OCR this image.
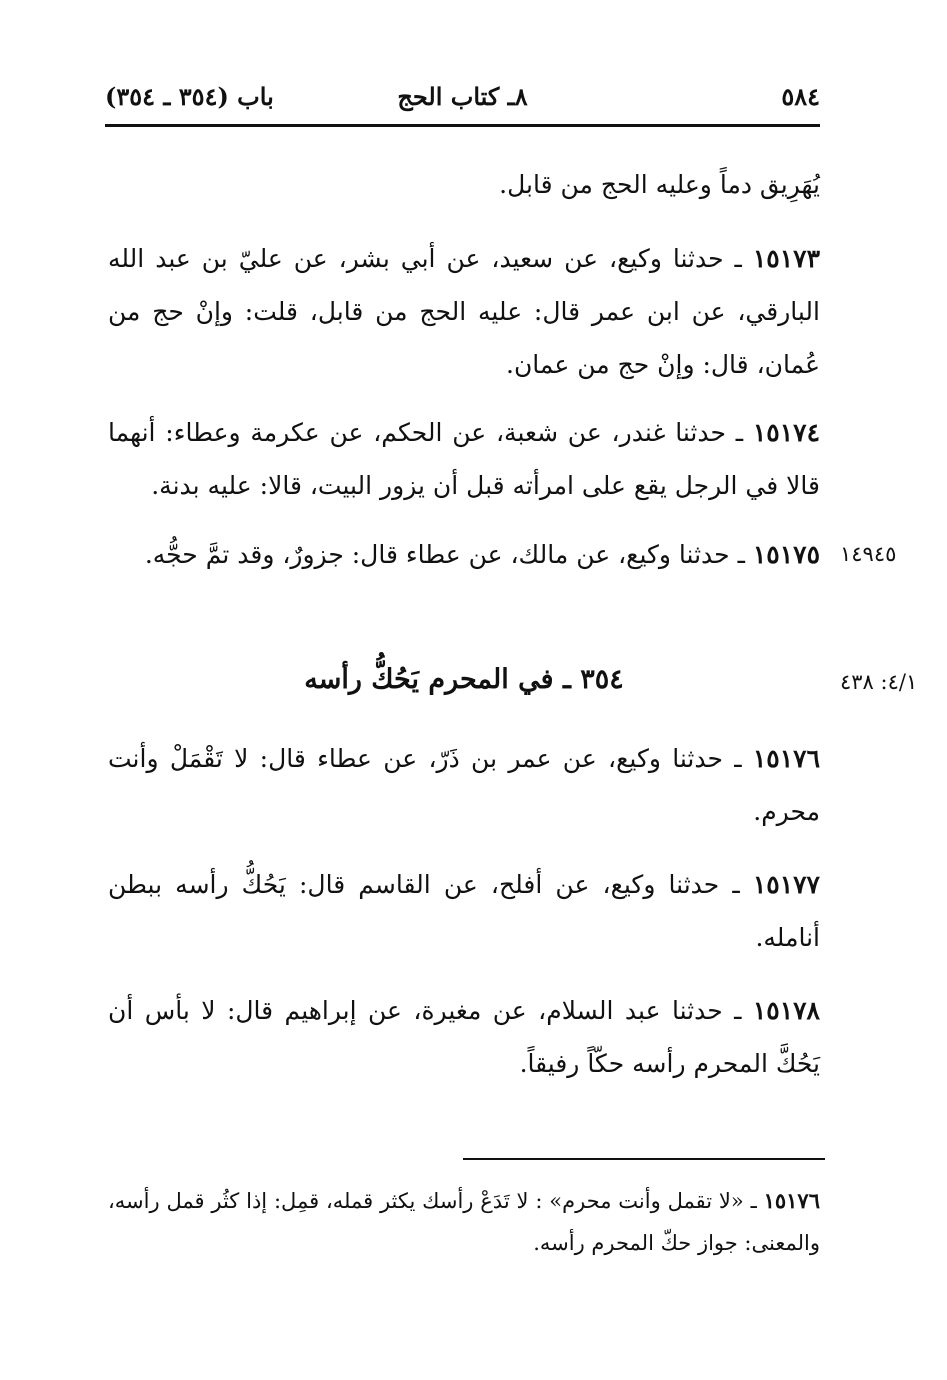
٥٨٤
٨ـ كتاب الحج
باب (٣٥٤ ـ ٣٥٤)

يُهَرِيق دماً وعليه الحج من قابل.

١٥١٧٣ ـ حدثنا وكيع، عن سعيد، عن أبي بشر، عن عليّ بن عبد الله البارقي، عن ابن عمر قال: عليه الحج من قابل، قلت: وإنْ حج من عُمان، قال: وإنْ حج من عمان.

١٥١٧٤ ـ حدثنا غندر، عن شعبة، عن الحكم، عن عكرمة وعطاء: أنهما قالا في الرجل يقع على امرأته قبل أن يزور البيت، قالا: عليه بدنة.

١٥١٧٥ ـ حدثنا وكيع، عن مالك، عن عطاء قال: جزورٌ، وقد تمَّ حجُّه.	١٤٩٤٥
٣٥٤ ـ في المحرم يَحُكُّ رأسه	٤/١: ٤٣٨

١٥١٧٦ ـ حدثنا وكيع، عن عمر بن ذَرّ، عن عطاء قال: لا تَقْمَلْ وأنت محرم.

١٥١٧٧ ـ حدثنا وكيع، عن أفلح، عن القاسم قال: يَحُكُّ رأسه ببطن أنامله.

١٥١٧٨ ـ حدثنا عبد السلام، عن مغيرة، عن إبراهيم قال: لا بأس أن يَحُكَّ المحرم رأسه حكّاً رفيقاً.

١٥١٧٦ ـ «لا تقمل وأنت محرم» : لا تَدَعْ رأسك يكثر قمله، قمِل: إذا كثُر قمل رأسه، والمعنى: جواز حكّ المحرم رأسه.
